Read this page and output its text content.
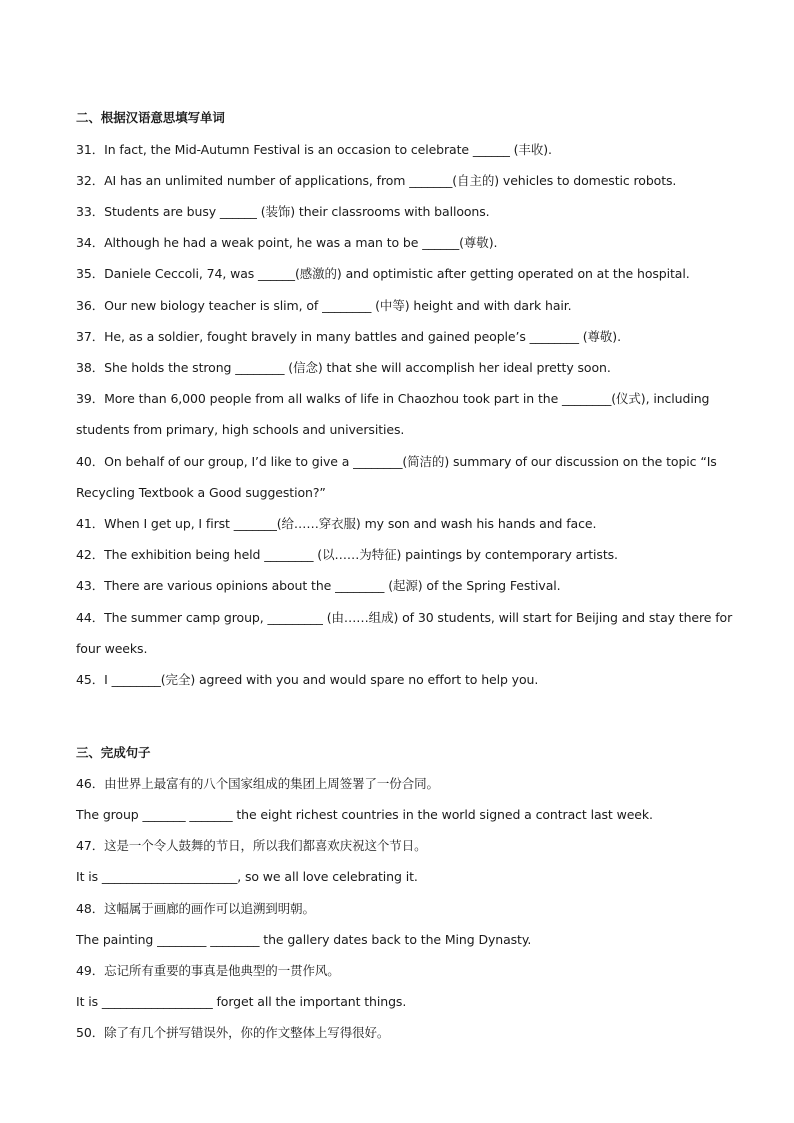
二、根据汉语意思填写单词
31．In fact, the Mid-Autumn Festival is an occasion to celebrate ______ (丰收).
32．AI has an unlimited number of applications, from _______(自主的) vehicles to domestic robots.
33．Students are busy ______ (装饰) their classrooms with balloons.
34．Although he had a weak point, he was a man to be ______(尊敬).
35．Daniele Ceccoli, 74, was ______(感激的) and optimistic after getting operated on at the hospital.
36．Our new biology teacher is slim, of ________ (中等) height and with dark hair.
37．He, as a soldier, fought bravely in many battles and gained people’s ________ (尊敬).
38．She holds the strong ________ (信念) that she will accomplish her ideal pretty soon.
39．More than 6,000 people from all walks of life in Chaozhou took part in the ________(仪式), including
students from primary, high schools and universities.
40．On behalf of our group, I’d like to give a ________(简洁的) summary of our discussion on the topic “Is
Recycling Textbook a Good suggestion?”
41．When I get up, I first _______(给……穿衣服) my son and wash his hands and face.
42．The exhibition being held ________ (以……为特征) paintings by contemporary artists.
43．There are various opinions about the ________ (起源) of the Spring Festival.
44．The summer camp group, _________ (由……组成) of 30 students, will start for Beijing and stay there for
four weeks.
45．I ________(完全) agreed with you and would spare no effort to help you.
三、完成句子
46．由世界上最富有的八个国家组成的集团上周签署了一份合同。
The group _______ _______ the eight richest countries in the world signed a contract last week.
47．这是一个令人鼓舞的节日，所以我们都喜欢庆祝这个节日。
It is ______________________, so we all love celebrating it.
48．这幅属于画廊的画作可以追溯到明朝。
The painting ________ ________ the gallery dates back to the Ming Dynasty.
49．忘记所有重要的事真是他典型的一贯作风。
It is __________________ forget all the important things.
50．除了有几个拼写错误外，你的作文整体上写得很好。
